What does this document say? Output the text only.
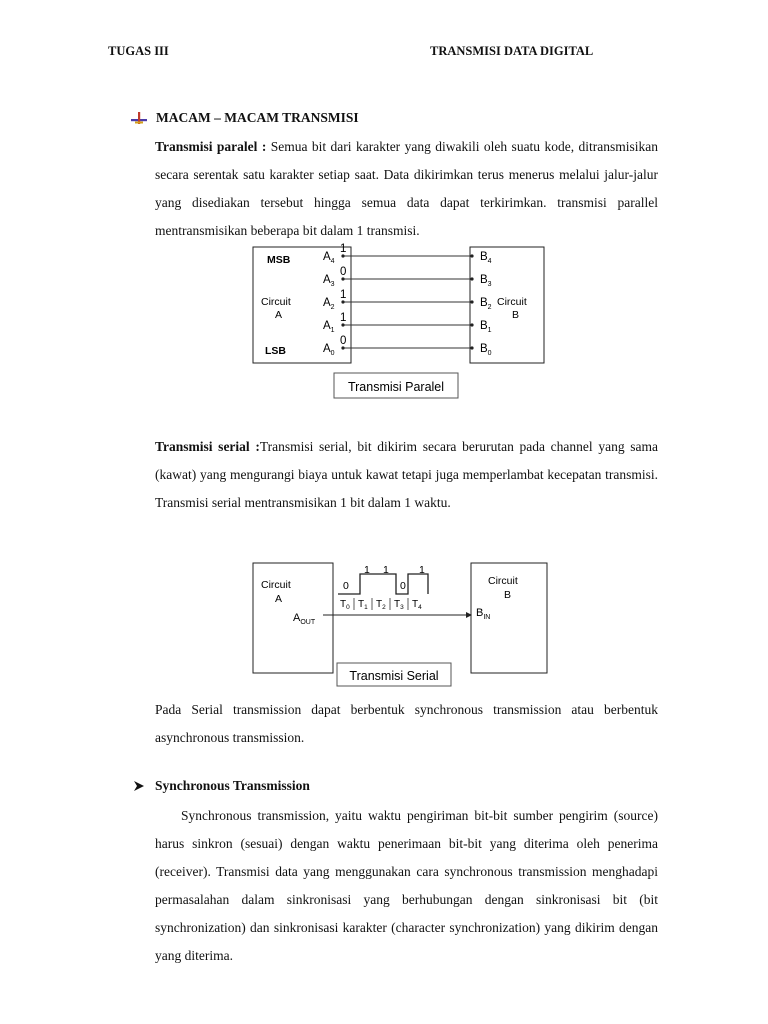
TUGAS III	TRANSMISI DATA DIGITAL
MACAM – MACAM TRANSMISI
Transmisi paralel : Semua bit dari karakter yang diwakili oleh suatu kode, ditransmisikan secara serentak satu karakter setiap saat. Data dikirimkan terus menerus melalui jalur-jalur yang disediakan tersebut hingga semua data dapat terkirimkan. transmisi parallel mentransmisikan beberapa bit dalam 1 transmisi.
MSB
LSB
Circuit
A
Circuit
B
$A_4$
1
$B_4$
$A_3$
0
$B_3$
$A_2$
1
$B_2$
$A_1$
1
$B_1$
$A_0$
0
$B_0$
Transmisi Paralel
Transmisi serial :Transmisi serial, bit dikirim secara berurutan pada channel yang sama (kawat) yang mengurangi biaya untuk kawat tetapi juga memperlambat kecepatan transmisi. Transmisi serial mentransmisikan 1 bit dalam 1 waktu.
Circuit
A
Circuit
B
$A_{OUT}$
$B_{IN}$
0
1 1
0
1
$T_0$ $T_1$ $T_2$ $T_3$ $T_4$
Transmisi Serial
Pada Serial transmission dapat berbentuk synchronous transmission atau berbentuk asynchronous transmission.
Synchronous Transmission
Synchronous transmission, yaitu waktu pengiriman bit-bit sumber pengirim (source) harus sinkron (sesuai) dengan waktu penerimaan bit-bit yang diterima oleh penerima (receiver). Transmisi data yang menggunakan cara synchronous transmission menghadapi permasalahan dalam sinkronisasi yang berhubungan dengan sinkronisasi bit (bit synchronization) dan sinkronisasi karakter (character synchronization) yang dikirim dengan yang diterima.
